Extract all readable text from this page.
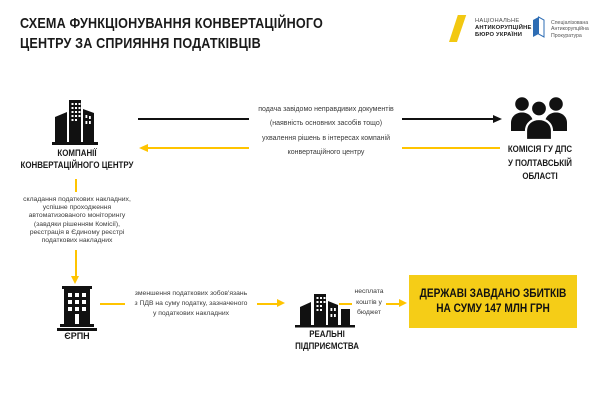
СХЕМА ФУНКЦІОНУВАННЯ КОНВЕРТАЦІЙНОГО
ЦЕНТРУ ЗА СПРИЯННЯ ПОДАТКІВЦІВ
НАЦІОНАЛЬНЕ
АНТИКОРУПЦІЙНЕ
БЮРО УКРАЇНИ
Спеціалізована
Антикорупційна
Прокуратура
КОМПАНІЇ
КОНВЕРТАЦІЙНОГО ЦЕНТРУ
подача завідомо неправдивих документів
(наявність основних засобів тощо)
ухвалення рішень в інтересах компаній
конвертаційного центру	КОМІСІЯ ГУ ДПС
У ПОЛТАВСЬКІЙ
ОБЛАСТІ
складання податкових накладних,
успішне проходження
автоматизованого моніторингу
(завдяки рішенням Комісії),
реєстрація в Єдиному реєстрі
податкових накладних
ЄРПН
зменшення податкових зобов'язань
з ПДВ на суму податку, зазначеного
у податкових накладних
РЕАЛЬНІ
ПІДПРИЄМСТВА
несплата
коштів у
бюджет
ДЕРЖАВІ ЗАВДАНО ЗБИТКІВ
НА СУМУ 147 МЛН ГРН
